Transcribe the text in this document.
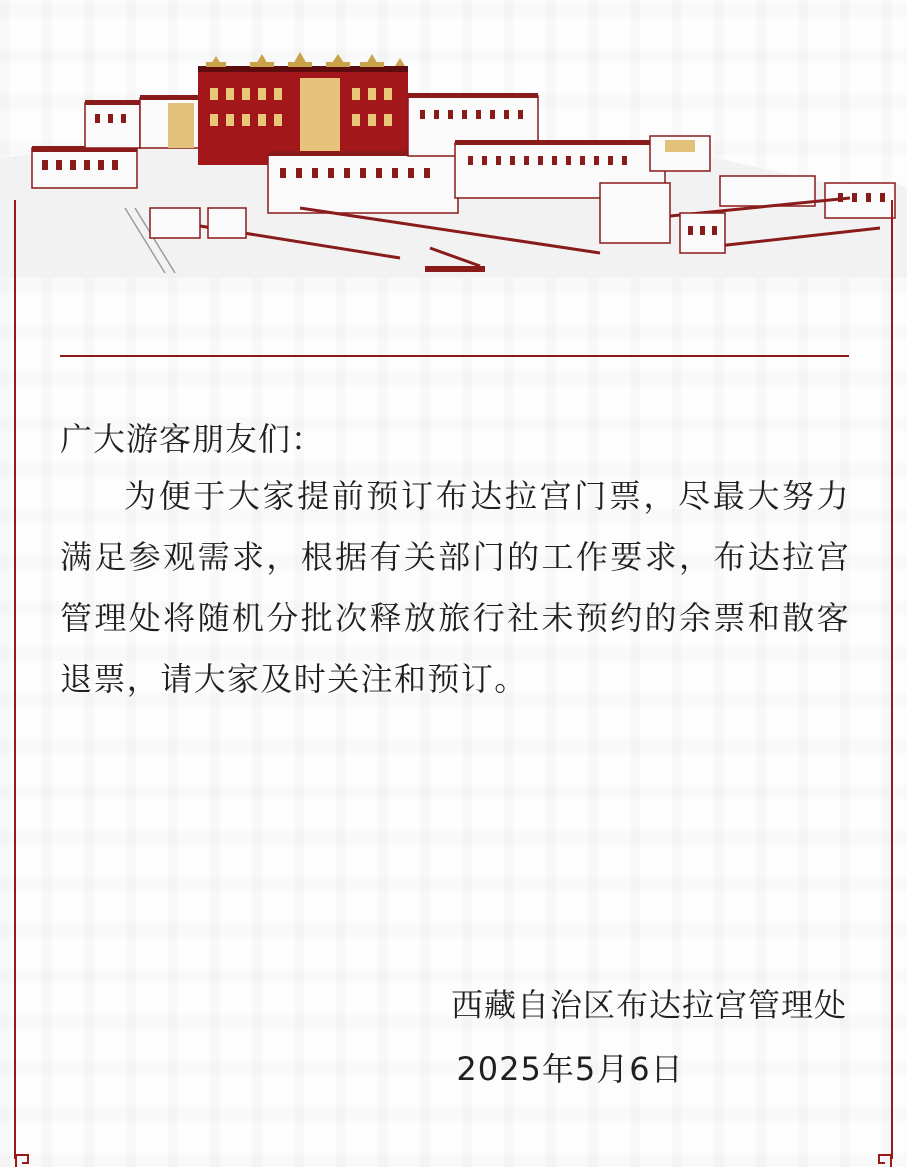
广大游客朋友们：
为便于大家提前预订布达拉宫门票，尽最大努力满足参观需求，根据有关部门的工作要求，布达拉宫管理处将随机分批次释放旅行社未预约的余票和散客退票，请大家及时关注和预订。
西藏自治区布达拉宫管理处
2025年5月6日
